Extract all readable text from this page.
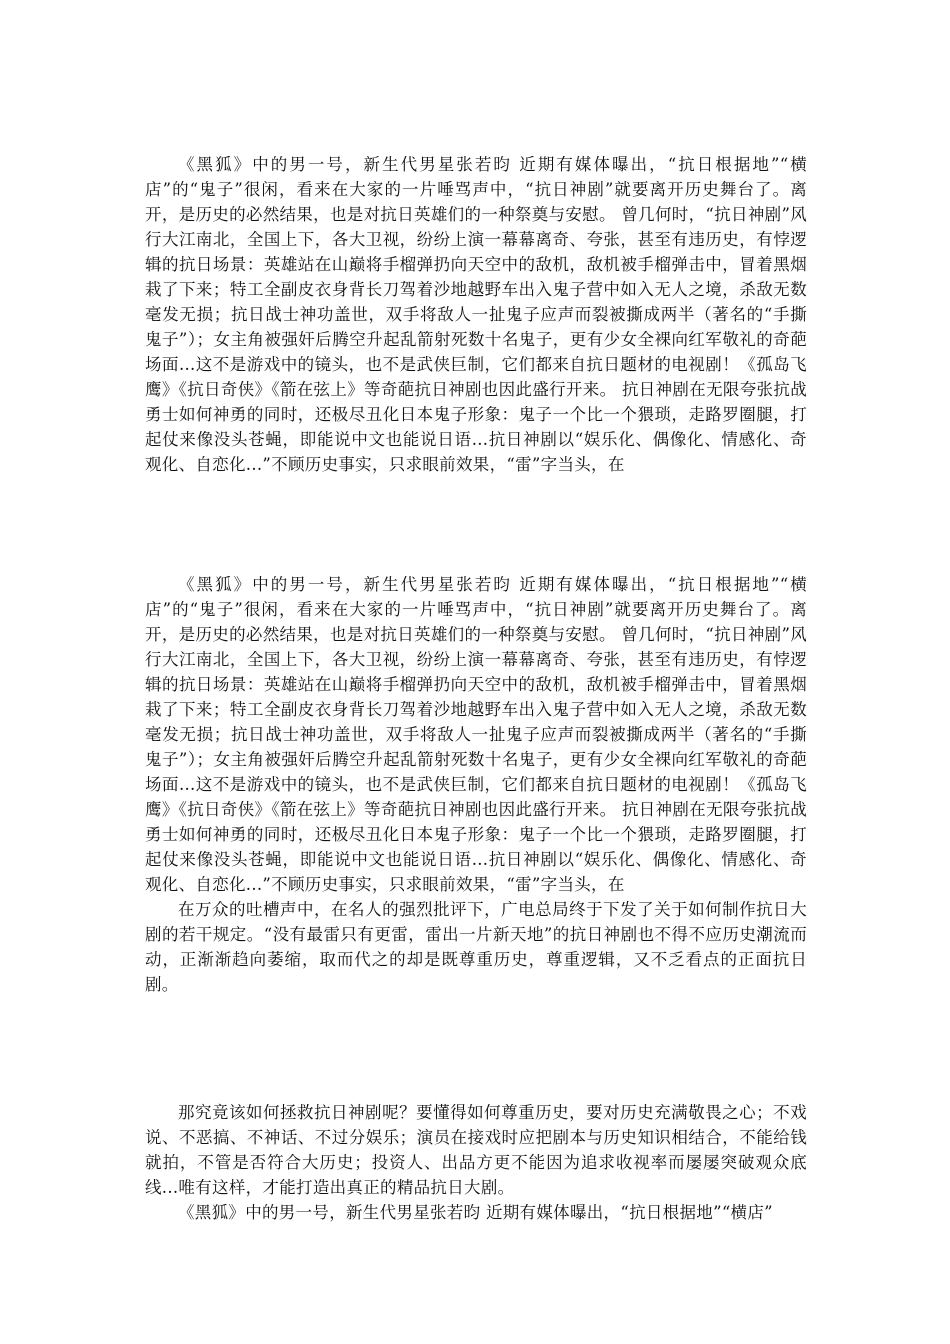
《黑狐》中的男一号，新生代男星张若昀 近期有媒体曝出，“抗日根据地”“横店”的“鬼子”很闲，看来在大家的一片唾骂声中，“抗日神剧”就要离开历史舞台了。离开，是历史的必然结果，也是对抗日英雄们的一种祭奠与安慰。 曾几何时，“抗日神剧”风行大江南北，全国上下，各大卫视，纷纷上演一幕幕离奇、夸张，甚至有违历史，有悖逻辑的抗日场景：英雄站在山巅将手榴弹扔向天空中的敌机，敌机被手榴弹击中，冒着黑烟栽了下来；特工全副皮衣身背长刀驾着沙地越野车出入鬼子营中如入无人之境，杀敌无数毫发无损；抗日战士神功盖世，双手将敌人一扯鬼子应声而裂被撕成两半（著名的“手撕鬼子”）；女主角被强奸后腾空升起乱箭射死数十名鬼子，更有少女全裸向红军敬礼的奇葩场面...这不是游戏中的镜头，也不是武侠巨制，它们都来自抗日题材的电视剧！《孤岛飞鹰》《抗日奇侠》《箭在弦上》等奇葩抗日神剧也因此盛行开来。 抗日神剧在无限夸张抗战勇士如何神勇的同时，还极尽丑化日本鬼子形象：鬼子一个比一个猥琐，走路罗圈腿，打起仗来像没头苍蝇，即能说中文也能说日语...抗日神剧以“娱乐化、偶像化、情感化、奇观化、自恋化...”不顾历史事实，只求眼前效果，“雷”字当头，在

《黑狐》中的男一号，新生代男星张若昀 近期有媒体曝出，“抗日根据地”“横店”的“鬼子”很闲，看来在大家的一片唾骂声中，“抗日神剧”就要离开历史舞台了。离开，是历史的必然结果，也是对抗日英雄们的一种祭奠与安慰。 曾几何时，“抗日神剧”风行大江南北，全国上下，各大卫视，纷纷上演一幕幕离奇、夸张，甚至有违历史，有悖逻辑的抗日场景：英雄站在山巅将手榴弹扔向天空中的敌机，敌机被手榴弹击中，冒着黑烟栽了下来；特工全副皮衣身背长刀驾着沙地越野车出入鬼子营中如入无人之境，杀敌无数毫发无损；抗日战士神功盖世，双手将敌人一扯鬼子应声而裂被撕成两半（著名的“手撕鬼子”）；女主角被强奸后腾空升起乱箭射死数十名鬼子，更有少女全裸向红军敬礼的奇葩场面...这不是游戏中的镜头，也不是武侠巨制，它们都来自抗日题材的电视剧！《孤岛飞鹰》《抗日奇侠》《箭在弦上》等奇葩抗日神剧也因此盛行开来。 抗日神剧在无限夸张抗战勇士如何神勇的同时，还极尽丑化日本鬼子形象：鬼子一个比一个猥琐，走路罗圈腿，打起仗来像没头苍蝇，即能说中文也能说日语...抗日神剧以“娱乐化、偶像化、情感化、奇观化、自恋化...”不顾历史事实，只求眼前效果，“雷”字当头，在

在万众的吐槽声中，在名人的强烈批评下，广电总局终于下发了关于如何制作抗日大剧的若干规定。“没有最雷只有更雷，雷出一片新天地”的抗日神剧也不得不应历史潮流而动，正渐渐趋向萎缩，取而代之的却是既尊重历史，尊重逻辑，又不乏看点的正面抗日剧。

那究竟该如何拯救抗日神剧呢？要懂得如何尊重历史，要对历史充满敬畏之心；不戏说、不恶搞、不神话、不过分娱乐；演员在接戏时应把剧本与历史知识相结合，不能给钱就拍，不管是否符合大历史；投资人、出品方更不能因为追求收视率而屡屡突破观众底线...唯有这样，才能打造出真正的精品抗日大剧。

《黑狐》中的男一号，新生代男星张若昀 近期有媒体曝出，“抗日根据地”“横店”
